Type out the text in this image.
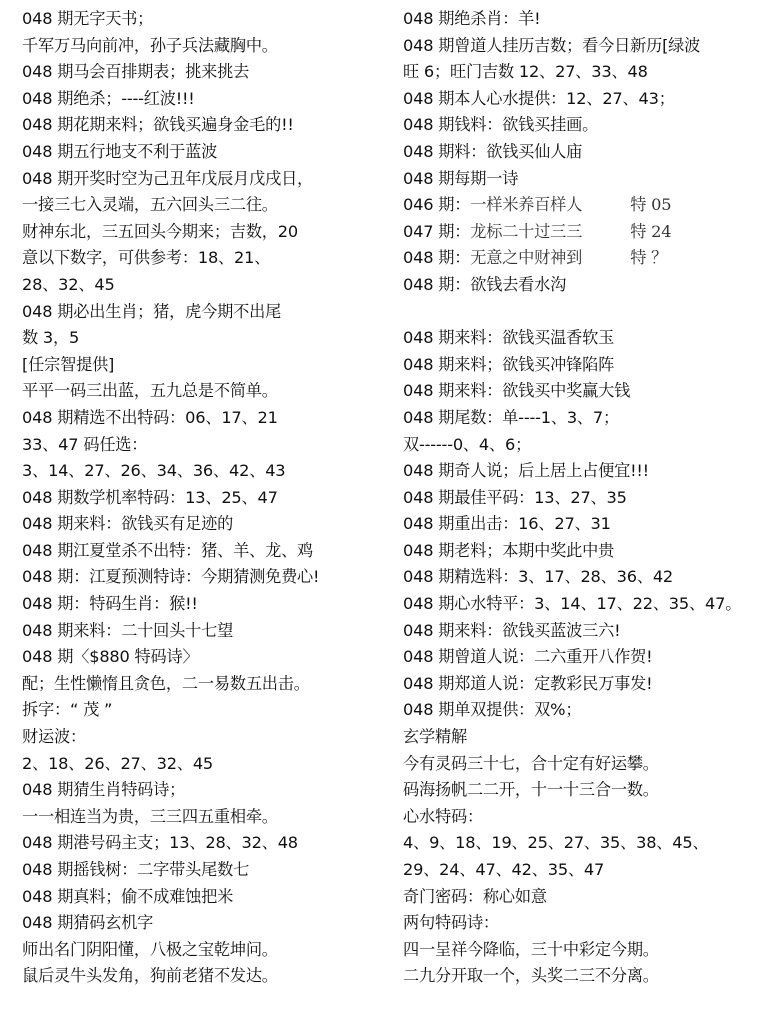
048 期无字天书；
千军万马向前冲，孙子兵法藏胸中。
048 期马会百排期表；挑来挑去
048 期绝杀；----红波!!!
048 期花期来料；欲钱买遍身金毛的!!
048 期五行地支不利于蓝波
048 期开奖时空为己丑年戊辰月戊戌日，
一接三七入灵端，五六回头三二往。
财神东北，三五回头今期来；吉数，20
意以下数字，可供参考：18、21、
28、32、45
048 期必出生肖；猪，虎今期不出尾
数 3，5
[任宗智提供]
平平一码三出蓝，五九总是不简单。
048 期精选不出特码：06、17、21
33、47 码任选：
3、14、27、26、34、36、42、43
048 期数学机率特码：13、25、47
048 期来料：欲钱买有足迹的
048 期江夏堂杀不出特：猪、羊、龙、鸡
048 期：江夏预测特诗：今期猜测免费心!
048 期：特码生肖：猴!!
048 期来料：二十回头十七望
048 期〈$880 特码诗〉
配；生性懒惰且贪色，二一易数五出击。
拆字：“ 茂 ”
财运波：
2、18、26、27、32、45
048 期猜生肖特码诗；
一一相连当为贵，三三四五重相牵。
048 期港号码主支；13、28、32、48
048 期摇钱树：二字带头尾数七
048 期真料；偷不成难蚀把米
048 期猜码玄机字
师出名门阴阳懂，八极之宝乾坤问。
鼠后灵牛头发角，狗前老猪不发达。
048 期绝杀肖：羊!
048 期曾道人挂历吉数；看今日新历[绿波
旺 6；旺门吉数 12、27、33、48
048 期本人心水提供：12、27、43；
048 期钱料：欲钱买挂画。
048 期料：欲钱买仙人庙
048 期每期一诗
046 期：一样米养百样人	特 05
047 期：龙标二十过三三	特 24
048 期：无意之中财神到	特 ？
048 期：欲钱去看水沟
048 期来料：欲钱买温香软玉
048 期来料；欲钱买冲锋陷阵
048 期来料：欲钱买中奖赢大钱
048 期尾数：单----1、3、7；
双------0、4、6；
048 期奇人说；后上居上占便宜!!!
048 期最佳平码：13、27、35
048 期重出击：16、27、31
048 期老料；本期中奖此中贵
048 期精选料：3、17、28、36、42
048 期心水特平：3、14、17、22、35、47。
048 期来料：欲钱买蓝波三六!
048 期曾道人说：二六重开八作贺!
048 期郑道人说：定教彩民万事发!
048 期单双提供：双%；
玄学精解
今有灵码三十七，合十定有好运攀。
码海扬帆二二开，十一十三合一数。
心水特码：
4、9、18、19、25、27、35、38、45、
29、24、47、42、35、47
奇门密码：称心如意
两句特码诗：
四一呈祥今降临，三十中彩定今期。
二九分开取一个，头奖二三不分离。
